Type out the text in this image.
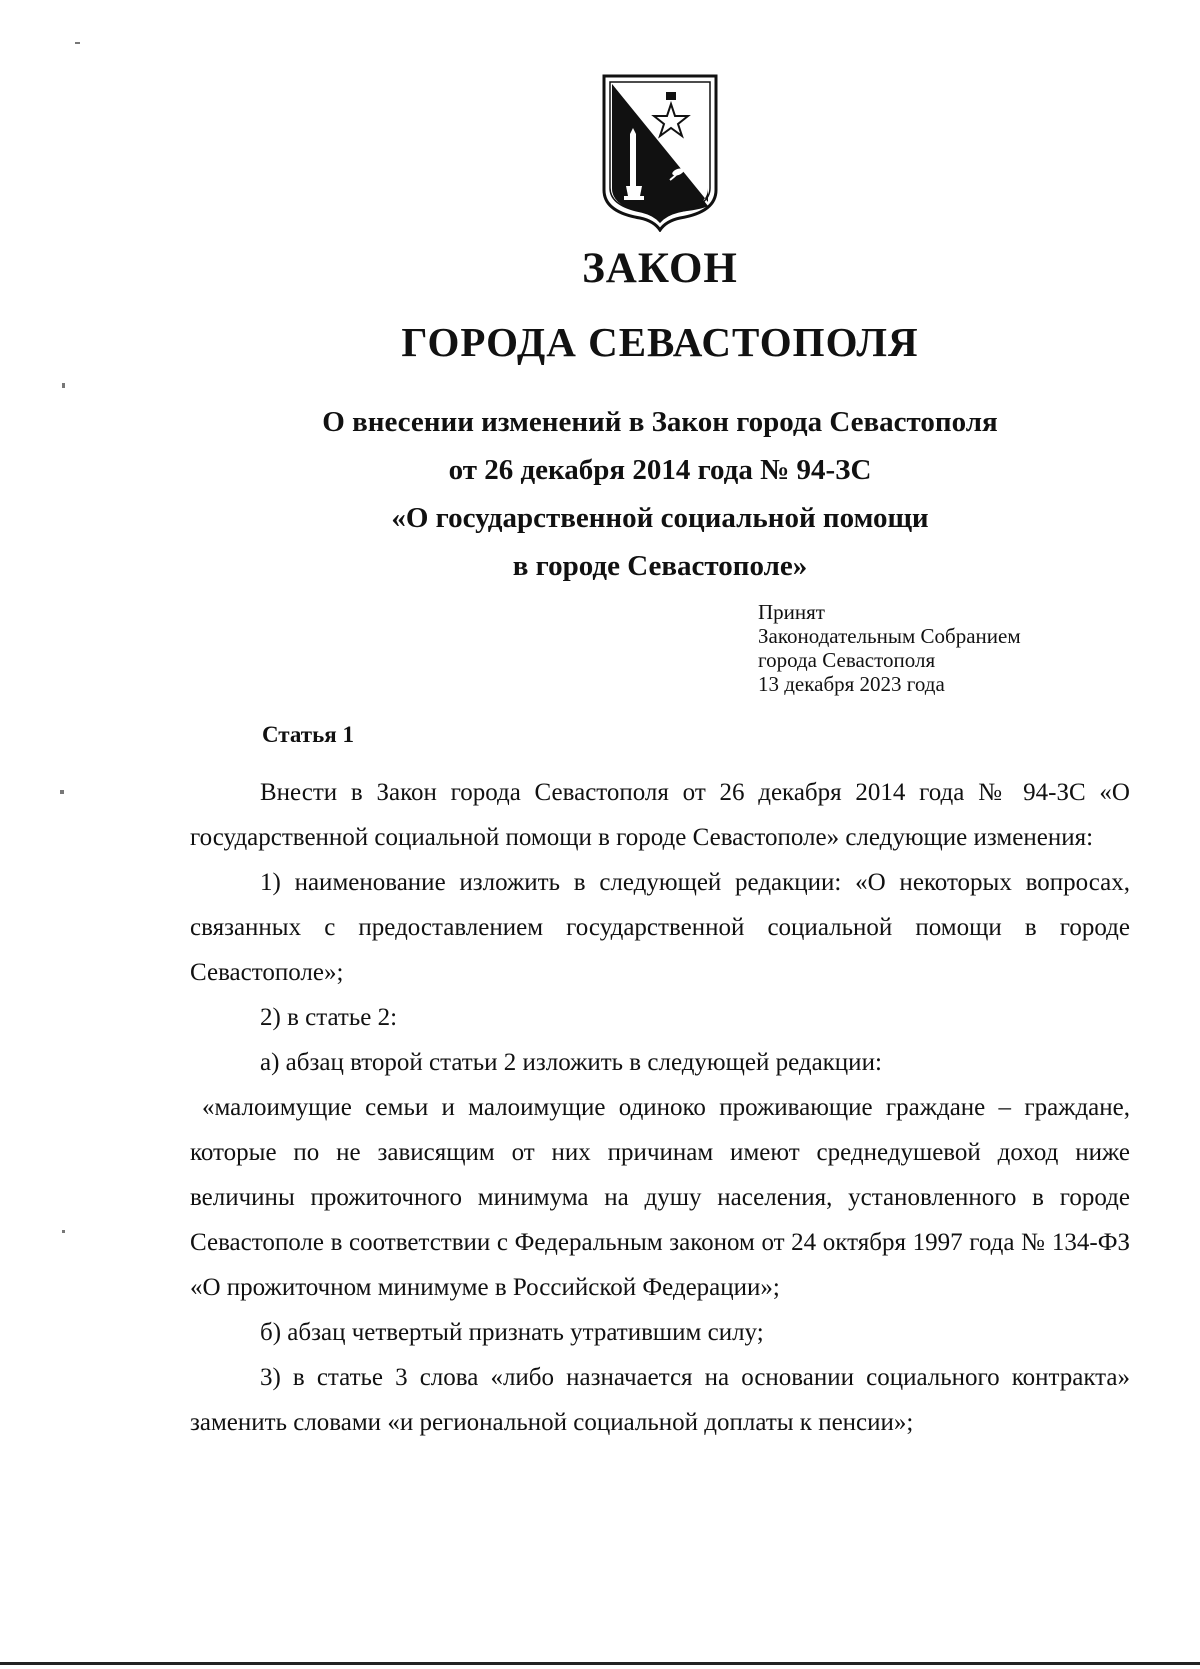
ЗАКОН
ГОРОДА СЕВАСТОПОЛЯ
О внесении изменений в Закон города Севастополя
от 26 декабря 2014 года № 94-ЗС
«О государственной социальной помощи
в городе Севастополе»
Принят
Законодательным Собранием
города Севастополя
13 декабря 2023 года
Статья 1

Внести в Закон города Севастополя от 26 декабря 2014 года № 94-ЗС «О государственной социальной помощи в городе Севастополе» следующие изменения:

1) наименование изложить в следующей редакции: «О некоторых вопросах, связанных с предоставлением государственной социальной помощи в городе Севастополе»;

2) в статье 2:

а) абзац второй статьи 2 изложить в следующей редакции:

«малоимущие семьи и малоимущие одиноко проживающие граждане – граждане, которые по не зависящим от них причинам имеют среднедушевой доход ниже величины прожиточного минимума на душу населения, установленного в городе Севастополе в соответствии с Федеральным законом от 24 октября 1997 года № 134-ФЗ «О прожиточном минимуме в Российской Федерации»;

б) абзац четвертый признать утратившим силу;

3) в статье 3 слова «либо назначается на основании социального контракта» заменить словами «и региональной социальной доплаты к пенсии»;
